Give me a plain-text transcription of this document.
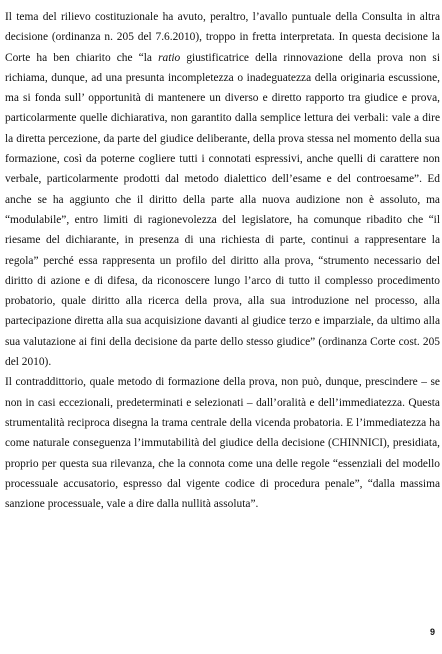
Il tema del rilievo costituzionale ha avuto, peraltro, l’avallo puntuale della Consulta in altra decisione (ordinanza n. 205 del 7.6.2010), troppo in fretta interpretata. In questa decisione la Corte ha ben chiarito che “la ratio giustificatrice della rinnovazione della prova non si richiama, dunque, ad una presunta incompletezza o inadeguatezza della originaria escussione, ma si fonda sull’ opportunità di mantenere un diverso e diretto rapporto tra giudice e prova, particolarmente quelle dichiarativa, non garantito dalla semplice lettura dei verbali: vale a dire la diretta percezione, da parte del giudice deliberante, della prova stessa nel momento della sua formazione, così da poterne cogliere tutti i connotati espressivi, anche quelli di carattere non verbale, particolarmente prodotti dal metodo dialettico dell’esame e del controesame”. Ed anche se ha aggiunto che il diritto della parte alla nuova audizione non è assoluto, ma “modulabile”, entro limiti di ragionevolezza del legislatore, ha comunque ribadito che “il riesame del dichiarante, in presenza di una richiesta di parte, continui a rappresentare la regola” perché essa rappresenta un profilo del diritto alla prova, “strumento necessario del diritto di azione e di difesa, da riconoscere lungo l’arco di tutto il complesso procedimento probatorio, quale diritto alla ricerca della prova, alla sua introduzione nel processo, alla partecipazione diretta alla sua acquisizione davanti al giudice terzo e imparziale, da ultimo alla sua valutazione ai fini della decisione da parte dello stesso giudice” (ordinanza Corte cost. 205 del 2010).

Il contraddittorio, quale metodo di formazione della prova, non può, dunque, prescindere – se non in casi eccezionali, predeterminati e selezionati – dall’oralità e dell’immediatezza. Questa strumentalità reciproca disegna la trama centrale della vicenda probatoria. E l’immediatezza ha come naturale conseguenza l’immutabilità del giudice della decisione (CHINNICI), presidiata, proprio per questa sua rilevanza, che la connota come una delle regole “essenziali del modello processuale accusatorio, espresso dal vigente codice di procedura penale”, “dalla massima sanzione processuale, vale a dire dalla nullità assoluta”.

9
